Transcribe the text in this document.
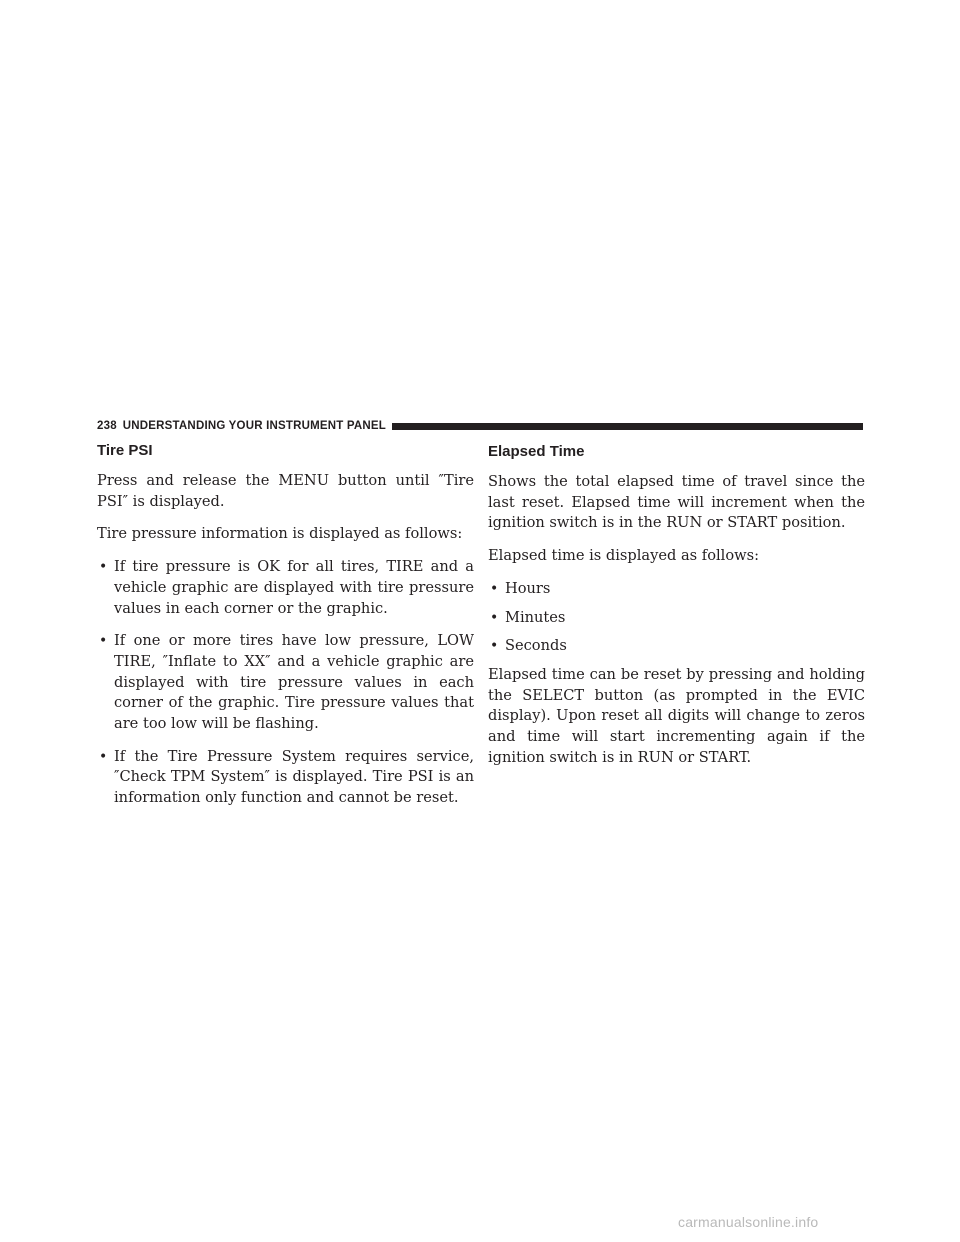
238 UNDERSTANDING YOUR INSTRUMENT PANEL
Tire PSI

Press and release the MENU button until ″Tire PSI″ is displayed.

Tire pressure information is displayed as follows:

• If tire pressure is OK for all tires, TIRE and a vehicle graphic are displayed with tire pressure values in each corner or the graphic.
• If one or more tires have low pressure, LOW TIRE, ″Inflate to XX″ and a vehicle graphic are displayed with tire pressure values in each corner of the graphic. Tire pressure values that are too low will be flashing.
• If the Tire Pressure System requires service, ″Check TPM System″ is displayed. Tire PSI is an information only function and cannot be reset.
Elapsed Time

Shows the total elapsed time of travel since the last reset. Elapsed time will increment when the ignition switch is in the RUN or START position.

Elapsed time is displayed as follows:

• Hours
• Minutes
• Seconds

Elapsed time can be reset by pressing and holding the SELECT button (as prompted in the EVIC display). Upon reset all digits will change to zeros and time will start incrementing again if the ignition switch is in RUN or START.

carmanualsonline.info
